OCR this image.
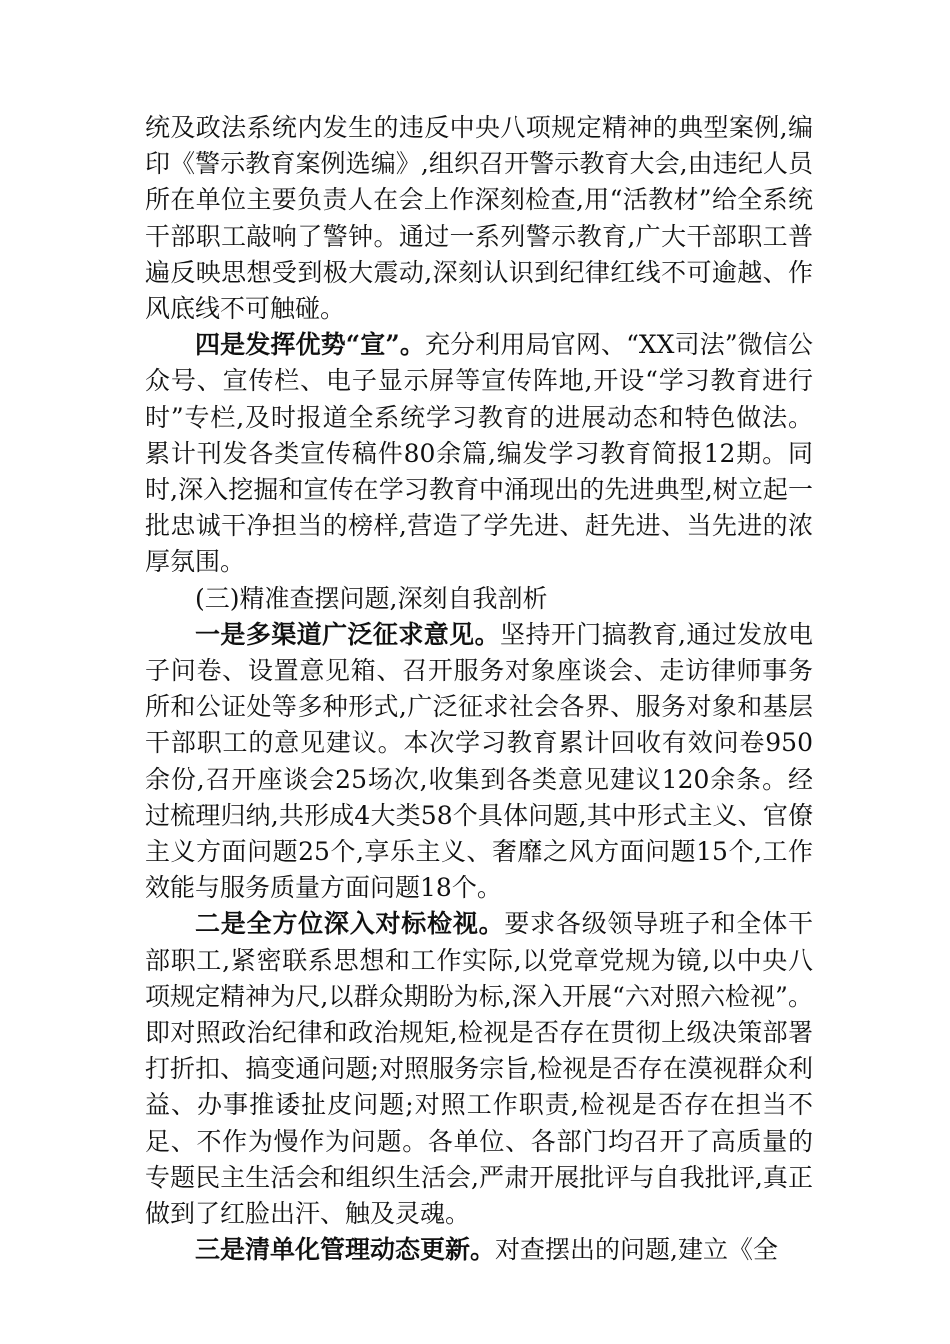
统及政法系统内发生的违反中央八项规定精神的典型案例,编印《警示教育案例选编》,组织召开警示教育大会,由违纪人员所在单位主要负责人在会上作深刻检查,用“活教材”给全系统干部职工敲响了警钟。通过一系列警示教育,广大干部职工普遍反映思想受到极大震动,深刻认识到纪律红线不可逾越、作风底线不可触碰。

四是发挥优势“宣”。充分利用局官网、“XX司法”微信公众号、宣传栏、电子显示屏等宣传阵地,开设“学习教育进行时”专栏,及时报道全系统学习教育的进展动态和特色做法。累计刊发各类宣传稿件80余篇,编发学习教育简报12期。同时,深入挖掘和宣传在学习教育中涌现出的先进典型,树立起一批忠诚干净担当的榜样,营造了学先进、赶先进、当先进的浓厚氛围。

(三)精准查摆问题,深刻自我剖析

一是多渠道广泛征求意见。坚持开门搞教育,通过发放电子问卷、设置意见箱、召开服务对象座谈会、走访律师事务所和公证处等多种形式,广泛征求社会各界、服务对象和基层干部职工的意见建议。本次学习教育累计回收有效问卷950余份,召开座谈会25场次,收集到各类意见建议120余条。经过梳理归纳,共形成4大类58个具体问题,其中形式主义、官僚主义方面问题25个,享乐主义、奢靡之风方面问题15个,工作效能与服务质量方面问题18个。

二是全方位深入对标检视。要求各级领导班子和全体干部职工,紧密联系思想和工作实际,以党章党规为镜,以中央八项规定精神为尺,以群众期盼为标,深入开展“六对照六检视”。即对照政治纪律和政治规矩,检视是否存在贯彻上级决策部署打折扣、搞变通问题;对照服务宗旨,检视是否存在漠视群众利益、办事推诿扯皮问题;对照工作职责,检视是否存在担当不足、不作为慢作为问题。各单位、各部门均召开了高质量的专题民主生活会和组织生活会,严肃开展批评与自我批评,真正做到了红脸出汗、触及灵魂。

三是清单化管理动态更新。对查摆出的问题,建立《全
